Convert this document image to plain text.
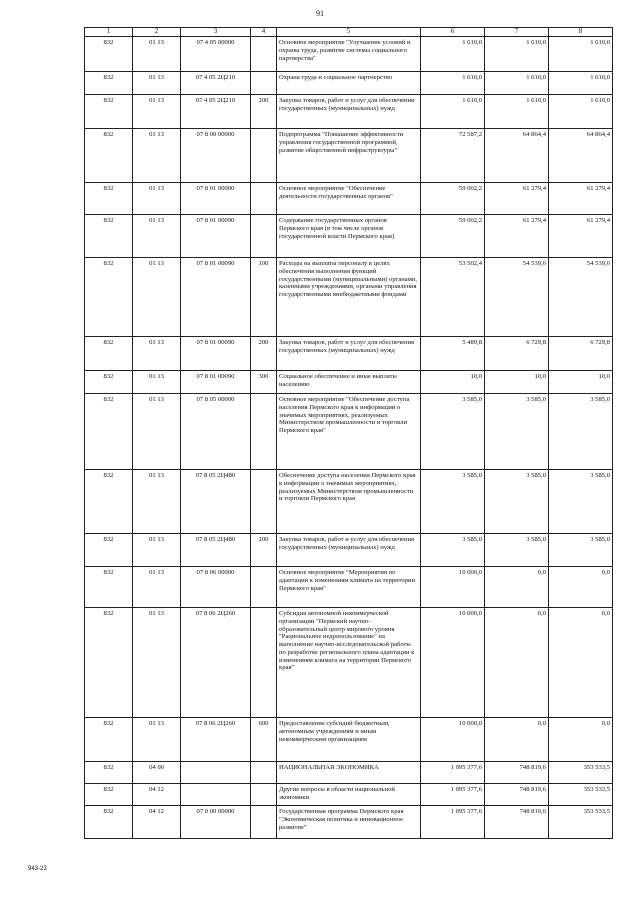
91
1	2	3	4	5	6	7	8
832	01 13	07 4 05 00000		Основное мероприятие "Улучшение условий и охраны труда, развитие системы социального партнерства"	1 610,0	1 610,0	1 610,0
832	01 13	07 4 05 2Ц210		Охрана труда и социальное партнерство	1 610,0	1 610,0	1 610,0
832	01 13	07 4 05 2Ц210	200	Закупка товаров, работ и услуг для обеспечения государственных (муниципальных) нужд	1 610,0	1 610,0	1 610,0
832	01 13	07 8 00 00000		Подпрограмма "Повышение эффективности управления государственной программой, развитие общественной инфраструктуры"	72 587,2	64 864,4	64 864,4
832	01 13	07 8 01 00000		Основное мероприятие "Обеспечение деятельности государственных органов"	59 002,2	61 279,4	61 279,4
832	01 13	07 8 01 00090		Содержание государственных органов Пермского края (в том числе органов государственной власти Пермского края)	59 002,2	61 279,4	61 279,4
832	01 13	07 8 01 00090	100	Расходы на выплаты персоналу в целях обеспечения выполнения функций государственными (муниципальными) органами, казенными учреждениями, органами управления государственными внебюджетными фондами	53 502,4	54 539,6	54 539,6
832	01 13	07 8 01 00090	200	Закупка товаров, работ и услуг для обеспечения государственных (муниципальных) нужд	5 489,8	6 729,8	6 729,8
832	01 13	07 8 01 00090	300	Социальное обеспечение и иные выплаты населению	10,0	10,0	10,0
832	01 13	07 8 05 00000		Основное мероприятие "Обеспечение доступа населения Пермского края к информации о значимых мероприятиях, реализуемых Министерством промышленности и торговли Пермского края"	3 585,0	3 585,0	3 585,0
832	01 13	07 8 05 2Ц480		Обеспечение доступа населения Пермского края к информации о значимых мероприятиях, реализуемых Министерством промышленности и торговли Пермского края	3 585,0	3 585,0	3 585,0
832	01 13	07 8 05 2Ц480	200	Закупка товаров, работ и услуг для обеспечения государственных (муниципальных) нужд	3 585,0	3 585,0	3 585,0
832	01 13	07 8 06 00000		Основное мероприятие "Мероприятия по адаптации к изменениям климата на территории Пермского края"	10 000,0	0,0	0,0
832	01 13	07 8 06 2Ц260		Субсидия автономной некоммерческой организации "Пермский научно-образовательный центр мирового уровня "Рациональное недропользование" на выполнение научно-исследовательской работы по разработке регионального плана адаптации к изменениям климата на территории Пермского края"	10 000,0	0,0	0,0
832	01 13	07 8 06 2Ц260	600	Предоставление субсидий бюджетным, автономным учреждениям и иным некоммерческим организациям	10 000,0	0,0	0,0
832	04 00			НАЦИОНАЛЬНАЯ ЭКОНОМИКА	1 095 377,6	748 819,6	353 533,5
832	04 12			Другие вопросы в области национальной экономики	1 095 377,6	748 819,6	353 533,5
832	04 12	07 0 00 00000		Государственная программа Пермского края "Экономическая политика и инновационное развитие"	1 095 377,6	748 819,6	353 533,5
943-23
